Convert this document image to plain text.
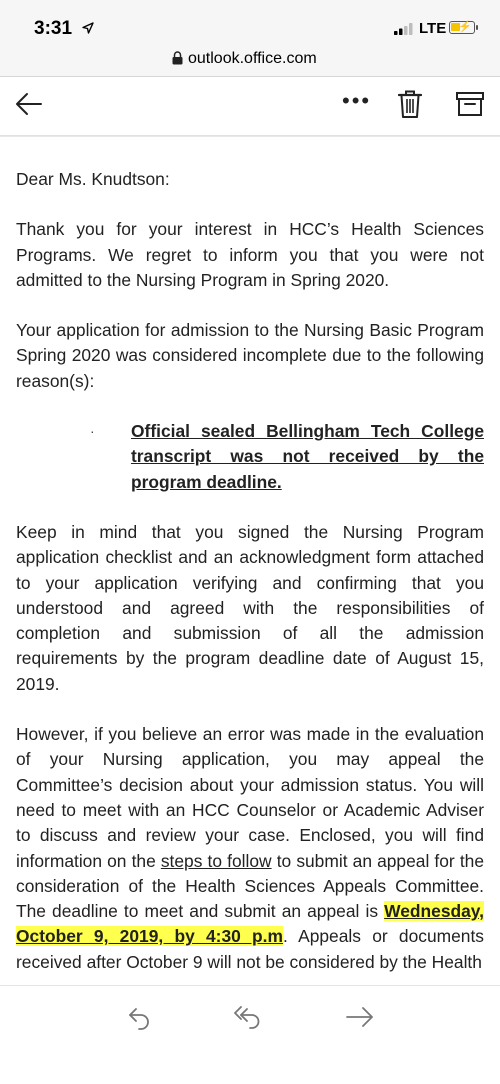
3:31	LTE ⚡
outlook.office.com
•••

Dear Ms. Knudtson:

Thank you for your interest in HCC’s Health Sciences Programs. We regret to inform you that you were not admitted to the Nursing Program in Spring 2020.

Your application for admission to the Nursing Basic Program Spring 2020 was considered incomplete due to the following reason(s):

· Official sealed Bellingham Tech College transcript was not received by the program deadline.

Keep in mind that you signed the Nursing Program application checklist and an acknowledgment form attached to your application verifying and confirming that you understood and agreed with the responsibilities of completion and submission of all the admission requirements by the program deadline date of August 15, 2019.

However, if you believe an error was made in the evaluation of your Nursing application, you may appeal the Committee’s decision about your admission status. You will need to meet with an HCC Counselor or Academic Adviser to discuss and review your case. Enclosed, you will find information on the steps to follow to submit an appeal for the consideration of the Health Sciences Appeals Committee. The deadline to meet and submit an appeal is Wednesday, October 9, 2019, by 4:30 p.m. Appeals or documents received after October 9 will not be considered by the Health
